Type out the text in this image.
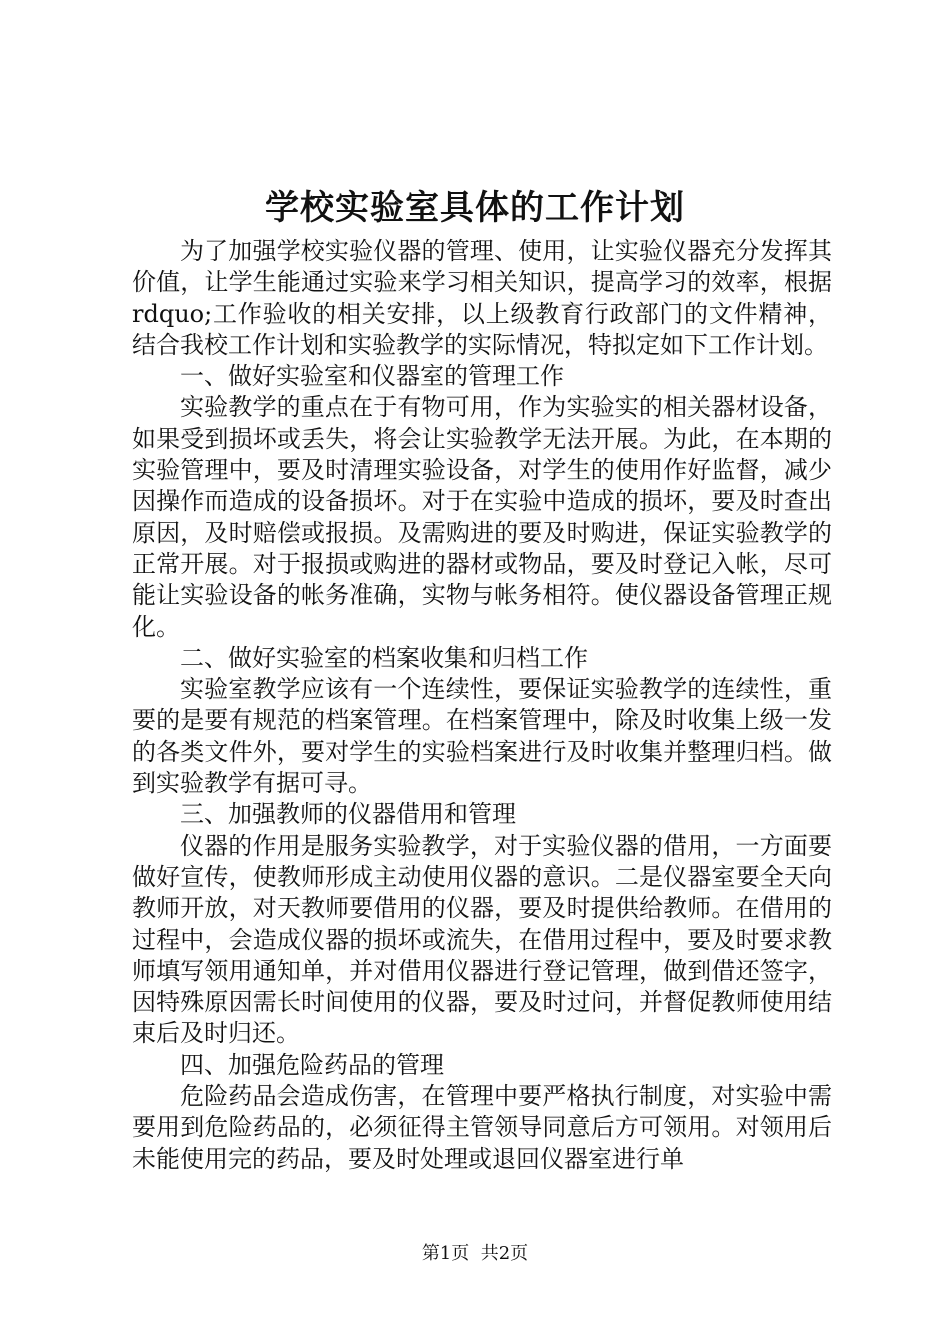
学校实验室具体的工作计划

为了加强学校实验仪器的管理、使用，让实验仪器充分发挥其价值，让学生能通过实验来学习相关知识，提高学习的效率，根据rdquo;工作验收的相关安排，以上级教育行政部门的文件精神，结合我校工作计划和实验教学的实际情况，特拟定如下工作计划。

一、做好实验室和仪器室的管理工作

实验教学的重点在于有物可用，作为实验实的相关器材设备，如果受到损坏或丢失，将会让实验教学无法开展。为此，在本期的实验管理中，要及时清理实验设备，对学生的使用作好监督，减少因操作而造成的设备损坏。对于在实验中造成的损坏，要及时查出原因，及时赔偿或报损。及需购进的要及时购进，保证实验教学的正常开展。对于报损或购进的器材或物品，要及时登记入帐，尽可能让实验设备的帐务准确，实物与帐务相符。使仪器设备管理正规化。

二、做好实验室的档案收集和归档工作

实验室教学应该有一个连续性，要保证实验教学的连续性，重要的是要有规范的档案管理。在档案管理中，除及时收集上级一发的各类文件外，要对学生的实验档案进行及时收集并整理归档。做到实验教学有据可寻。

三、加强教师的仪器借用和管理

仪器的作用是服务实验教学，对于实验仪器的借用，一方面要做好宣传，使教师形成主动使用仪器的意识。二是仪器室要全天向教师开放，对天教师要借用的仪器，要及时提供给教师。在借用的过程中，会造成仪器的损坏或流失，在借用过程中，要及时要求教师填写领用通知单，并对借用仪器进行登记管理，做到借还签字，因特殊原因需长时间使用的仪器，要及时过问，并督促教师使用结束后及时归还。

四、加强危险药品的管理

危险药品会造成伤害，在管理中要严格执行制度，对实验中需要用到危险药品的，必须征得主管领导同意后方可领用。对领用后未能使用完的药品，要及时处理或退回仪器室进行单

第1页  共2页
